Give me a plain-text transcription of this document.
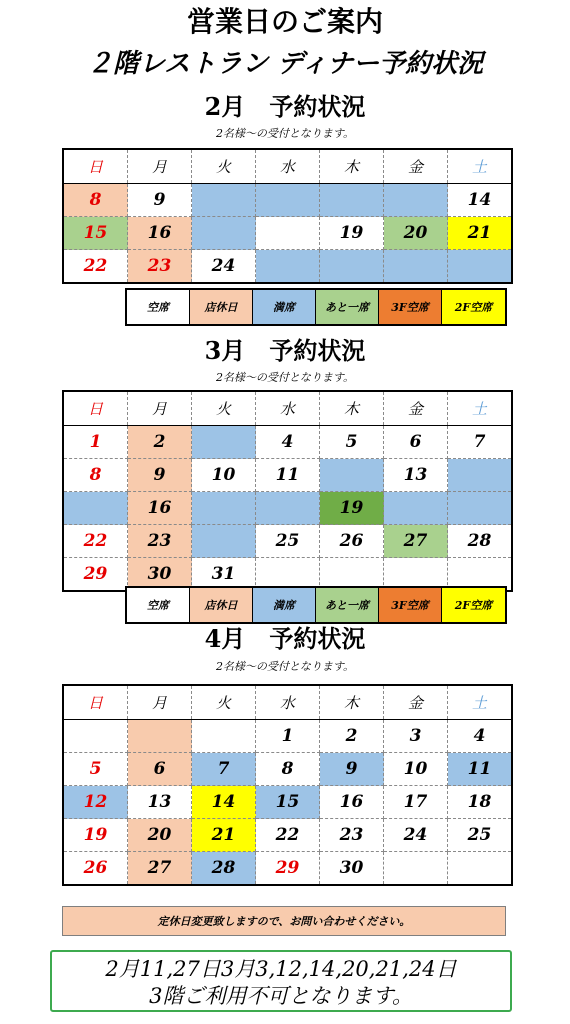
営業日のご案内
２階レストラン ディナー予約状況
2月　予約状況
2名様～の受付となります。
日	月	火	水	木	金	土
8	9					14
15	16			19	20	21
22	23	24				
空席	店休日	満席	あと一席	3F空席	2F空席
3月　予約状況
2名様～の受付となります。
日	月	火	水	木	金	土
1	2		4	5	6	7
8	9	10	11		13	
	16			19		
22	23		25	26	27	28
29	30	31				
空席	店休日	満席	あと一席	3F空席	2F空席
4月　予約状況
2名様～の受付となります。
日	月	火	水	木	金	土
			1	2	3	4
5	6	7	8	9	10	11
12	13	14	15	16	17	18
19	20	21	22	23	24	25
26	27	28	29	30		
定休日変更致しますので、お問い合わせください。
2月11,27日3月3,12,14,20,21,24日
3階ご利用不可となります。
